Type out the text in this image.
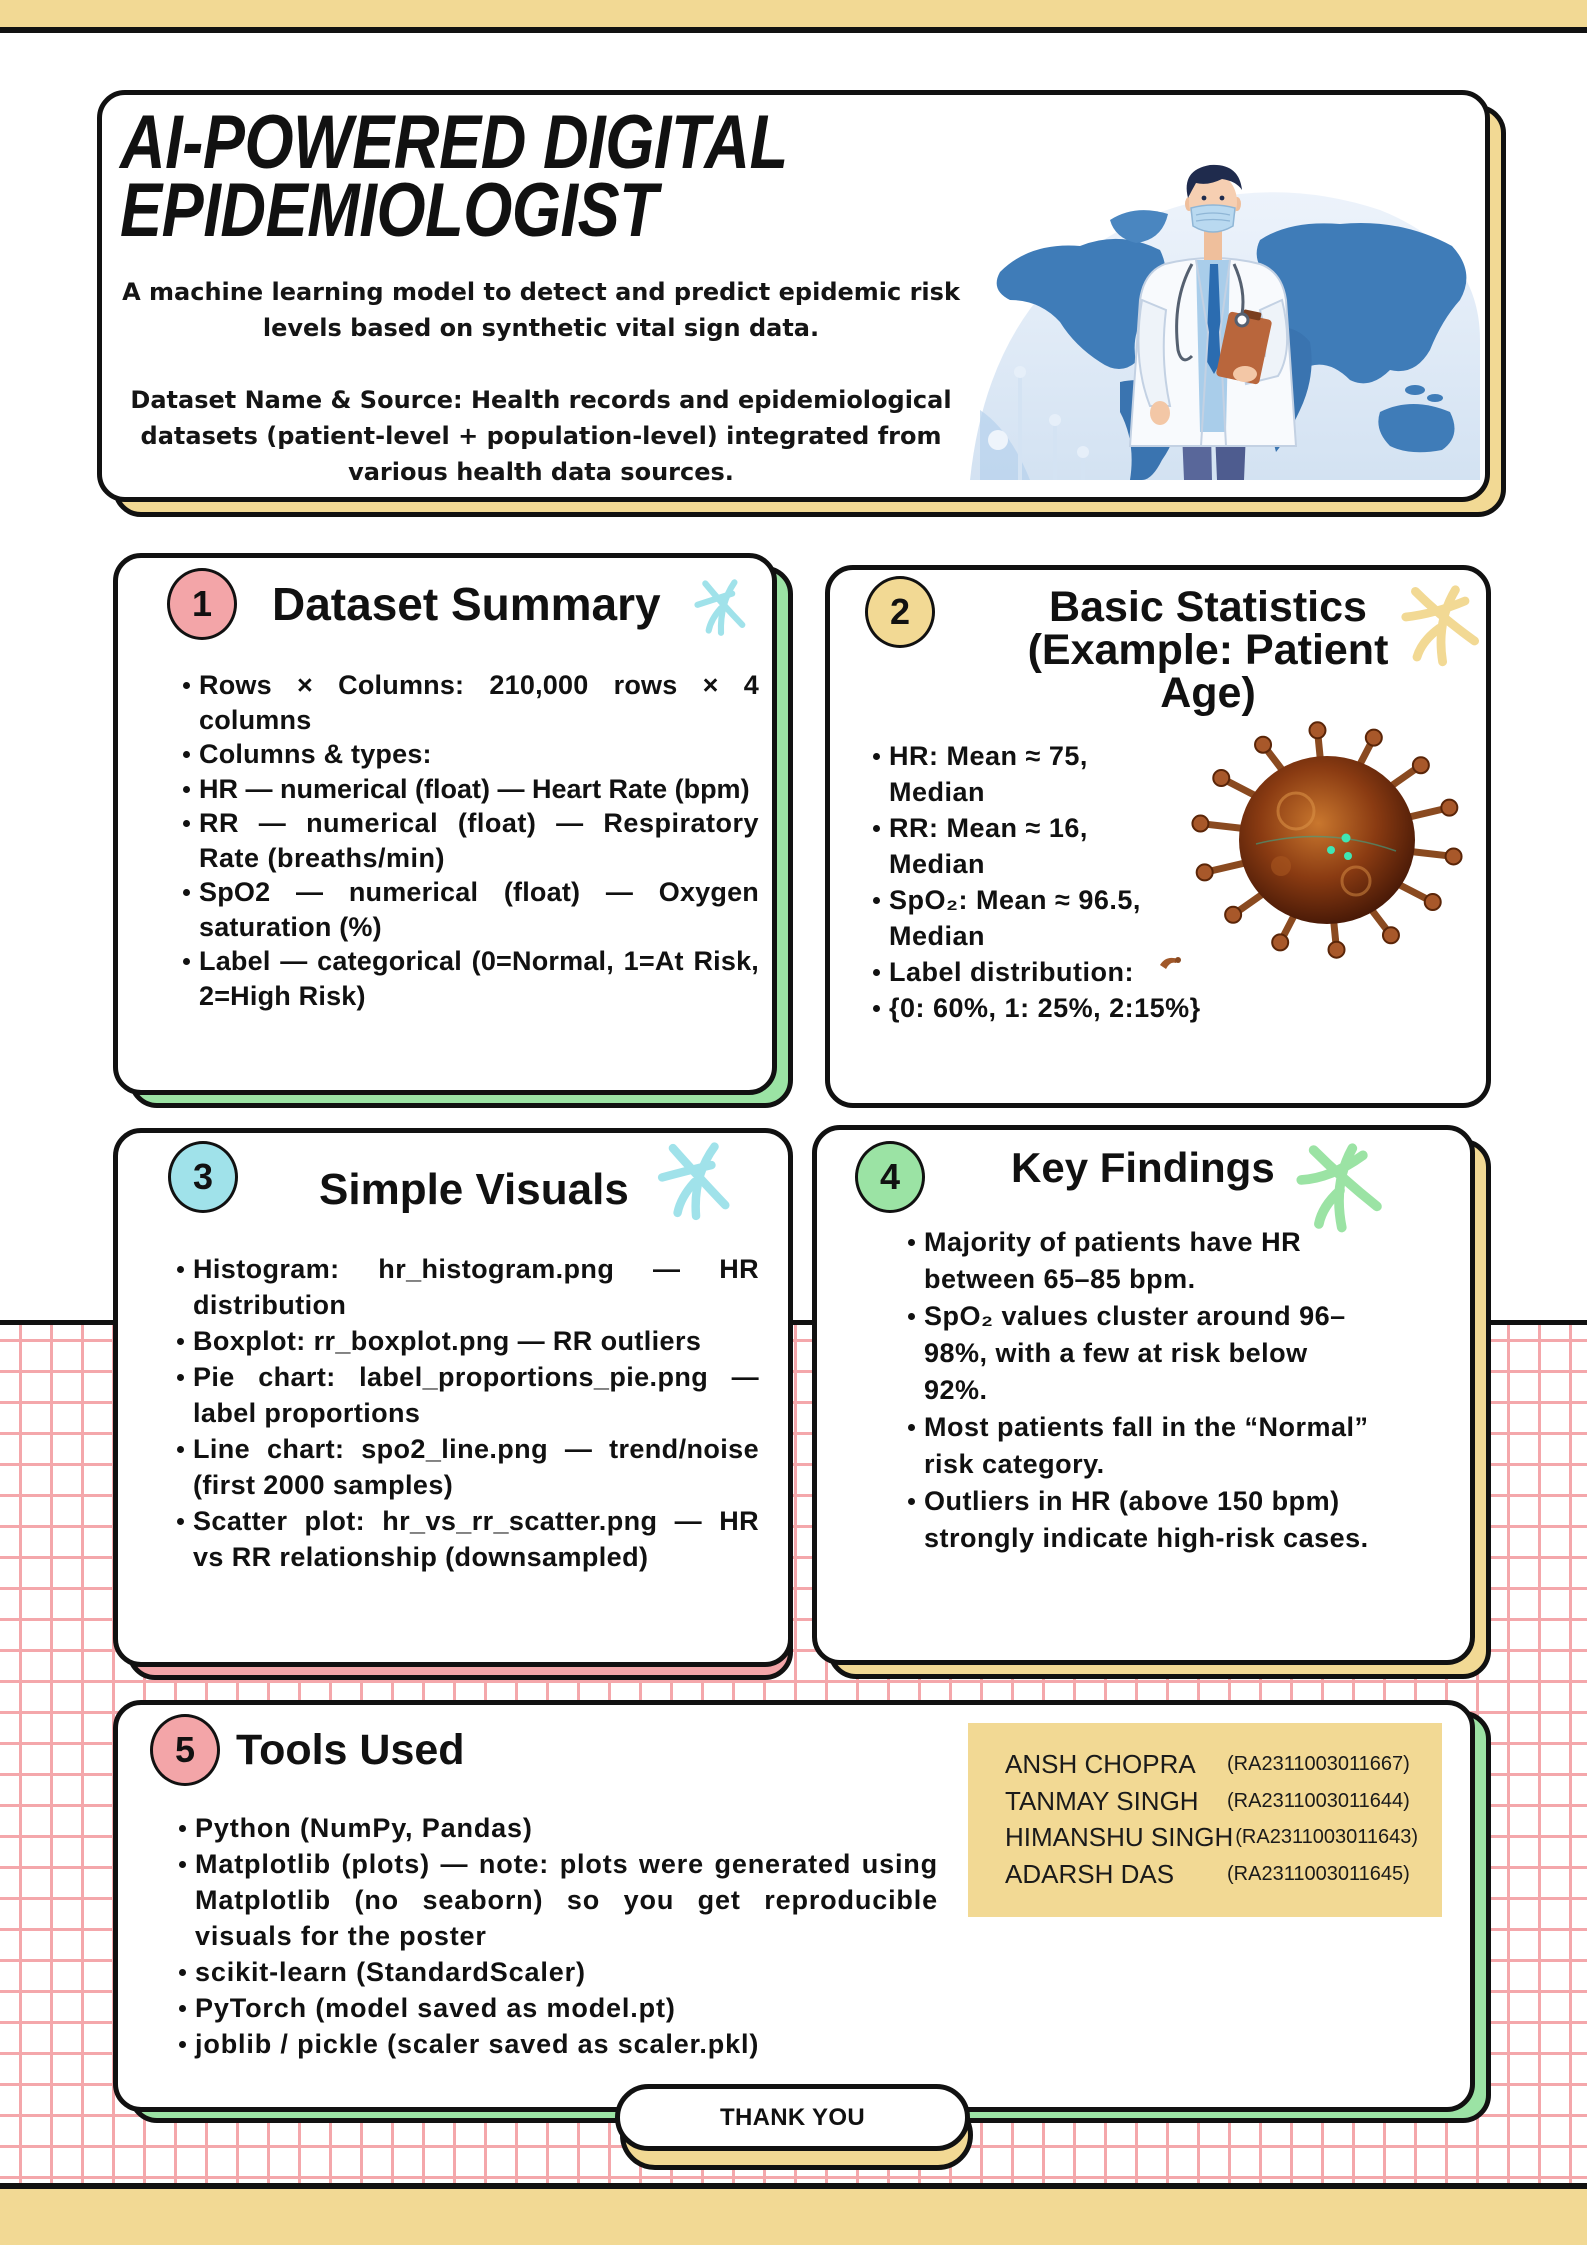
AI-POWERED DIGITAL
EPIDEMIOLOGIST

A machine learning model to detect and predict epidemic risk levels based on synthetic vital sign data.

Dataset Name & Source: Health records and epidemiological datasets (patient-level + population-level) integrated from various health data sources.

1	Dataset Summary
Rows × Columns: 210,000 rows × 4 columns
Columns & types:
HR — numerical (float) — Heart Rate (bpm)
RR — numerical (float) — Respiratory Rate (breaths/min)
SpO2 — numerical (float) — Oxygen saturation (%)
Label — categorical (0=Normal, 1=At Risk, 2=High Risk)
2	Basic Statistics
(Example: Patient
Age)
HR: Mean ≈ 75, Median
RR: Mean ≈ 16, Median
SpO₂: Mean ≈ 96.5, Median
Label distribution:
{0: 60%, 1: 25%, 2:15%}
3	Simple Visuals
Histogram: hr_histogram.png — HR distribution
Boxplot: rr_boxplot.png — RR outliers
Pie chart: label_proportions_pie.png — label proportions
Line chart: spo2_line.png — trend/noise (first 2000 samples)
Scatter plot: hr_vs_rr_scatter.png — HR vs RR relationship (downsampled)
4	Key Findings
Majority of patients have HR between 65–85 bpm.
SpO₂ values cluster around 96–98%, with a few at risk below 92%.
Most patients fall in the “Normal” risk category.
Outliers in HR (above 150 bpm) strongly indicate high-risk cases.
5 Tools Used
Python (NumPy, Pandas)
Matplotlib (plots) — note: plots were generated using Matplotlib (no seaborn) so you get reproducible visuals for the poster
scikit-learn (StandardScaler)
PyTorch (model saved as model.pt)
joblib / pickle (scaler saved as scaler.pkl)
ANSH CHOPRA (RA2311003011667)
TANMAY SINGH (RA2311003011644)
HIMANSHU SINGH (RA2311003011643)
ADARSH DAS	(RA2311003011645)
THANK YOU
